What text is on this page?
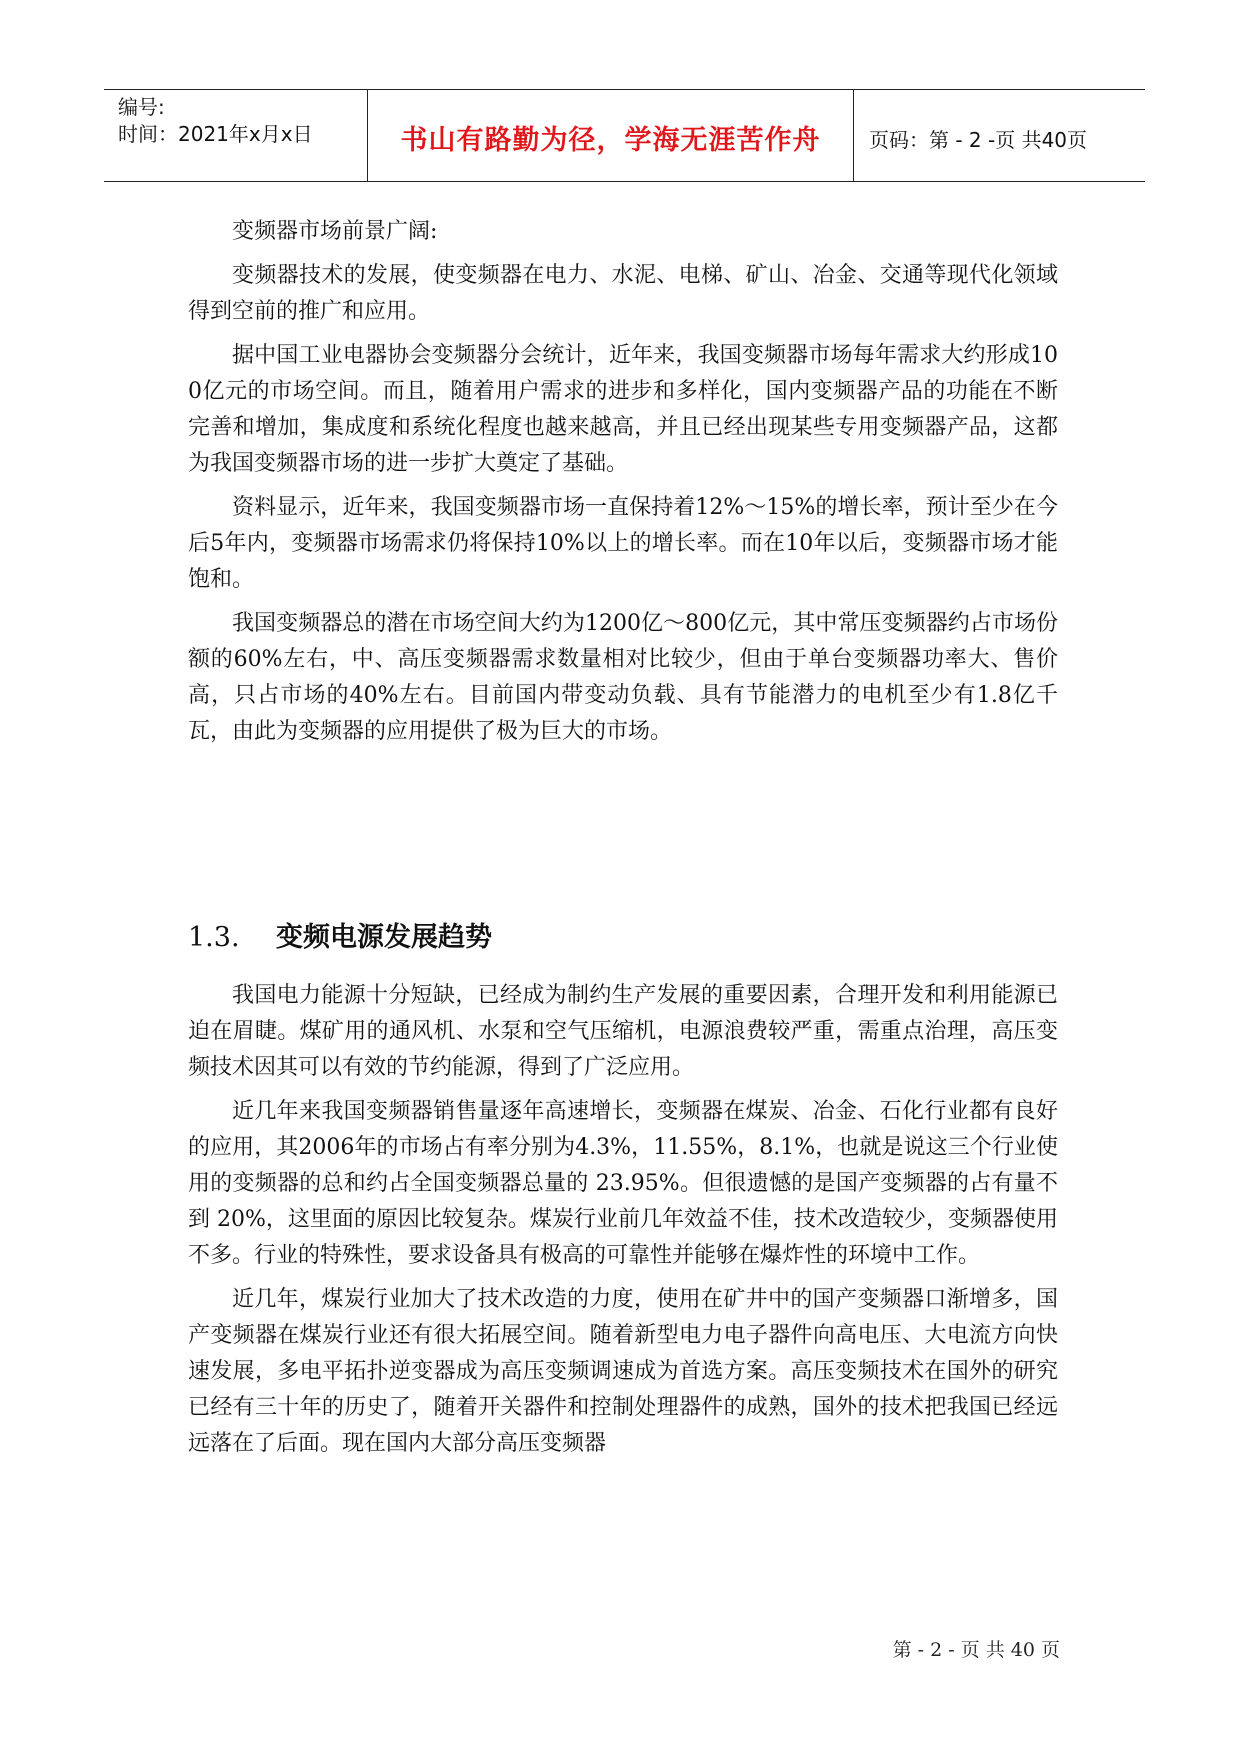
编号:
时间：2021年x月x日	书山有路勤为径，学海无涯苦作舟	页码：第 - 2 -页 共40页

变频器市场前景广阔:

变频器技术的发展，使变频器在电力、水泥、电梯、矿山、冶金、交通等现代化领域得到空前的推广和应用。

据中国工业电器协会变频器分会统计，近年来，我国变频器市场每年需求大约形成100亿元的市场空间。而且，随着用户需求的进步和多样化，国内变频器产品的功能在不断完善和增加，集成度和系统化程度也越来越高，并且已经出现某些专用变频器产品，这都为我国变频器市场的进一步扩大奠定了基础。

资料显示，近年来，我国变频器市场一直保持着12%～15%的增长率，预计至少在今后5年内，变频器市场需求仍将保持10%以上的增长率。而在10年以后，变频器市场才能饱和。

我国变频器总的潜在市场空间大约为1200亿～800亿元，其中常压变频器约占市场份额的60%左右，中、高压变频器需求数量相对比较少，但由于单台变频器功率大、售价高，只占市场的40%左右。目前国内带变动负载、具有节能潜力的电机至少有1.8亿千瓦，由此为变频器的应用提供了极为巨大的市场。

1.3. 变频电源发展趋势

我国电力能源十分短缺，已经成为制约生产发展的重要因素，合理开发和利用能源已迫在眉睫。煤矿用的通风机、水泵和空气压缩机，电源浪费较严重，需重点治理，高压变频技术因其可以有效的节约能源，得到了广泛应用。

近几年来我国变频器销售量逐年高速增长，变频器在煤炭、冶金、石化行业都有良好的应用，其2006年的市场占有率分别为4.3%，11.55%，8.1%，也就是说这三个行业使用的变频器的总和约占全国变频器总量的 23.95%。但很遗憾的是国产变频器的占有量不到 20%，这里面的原因比较复杂。煤炭行业前几年效益不佳，技术改造较少，变频器使用不多。行业的特殊性，要求设备具有极高的可靠性并能够在爆炸性的环境中工作。

近几年，煤炭行业加大了技术改造的力度，使用在矿井中的国产变频器口渐增多，国产变频器在煤炭行业还有很大拓展空间。随着新型电力电子器件向高电压、大电流方向快速发展，多电平拓扑逆变器成为高压变频调速成为首选方案。高压变频技术在国外的研究已经有三十年的历史了，随着开关器件和控制处理器件的成熟，国外的技术把我国已经远远落在了后面。现在国内大部分高压变频器

第 - 2 - 页 共 40 页
